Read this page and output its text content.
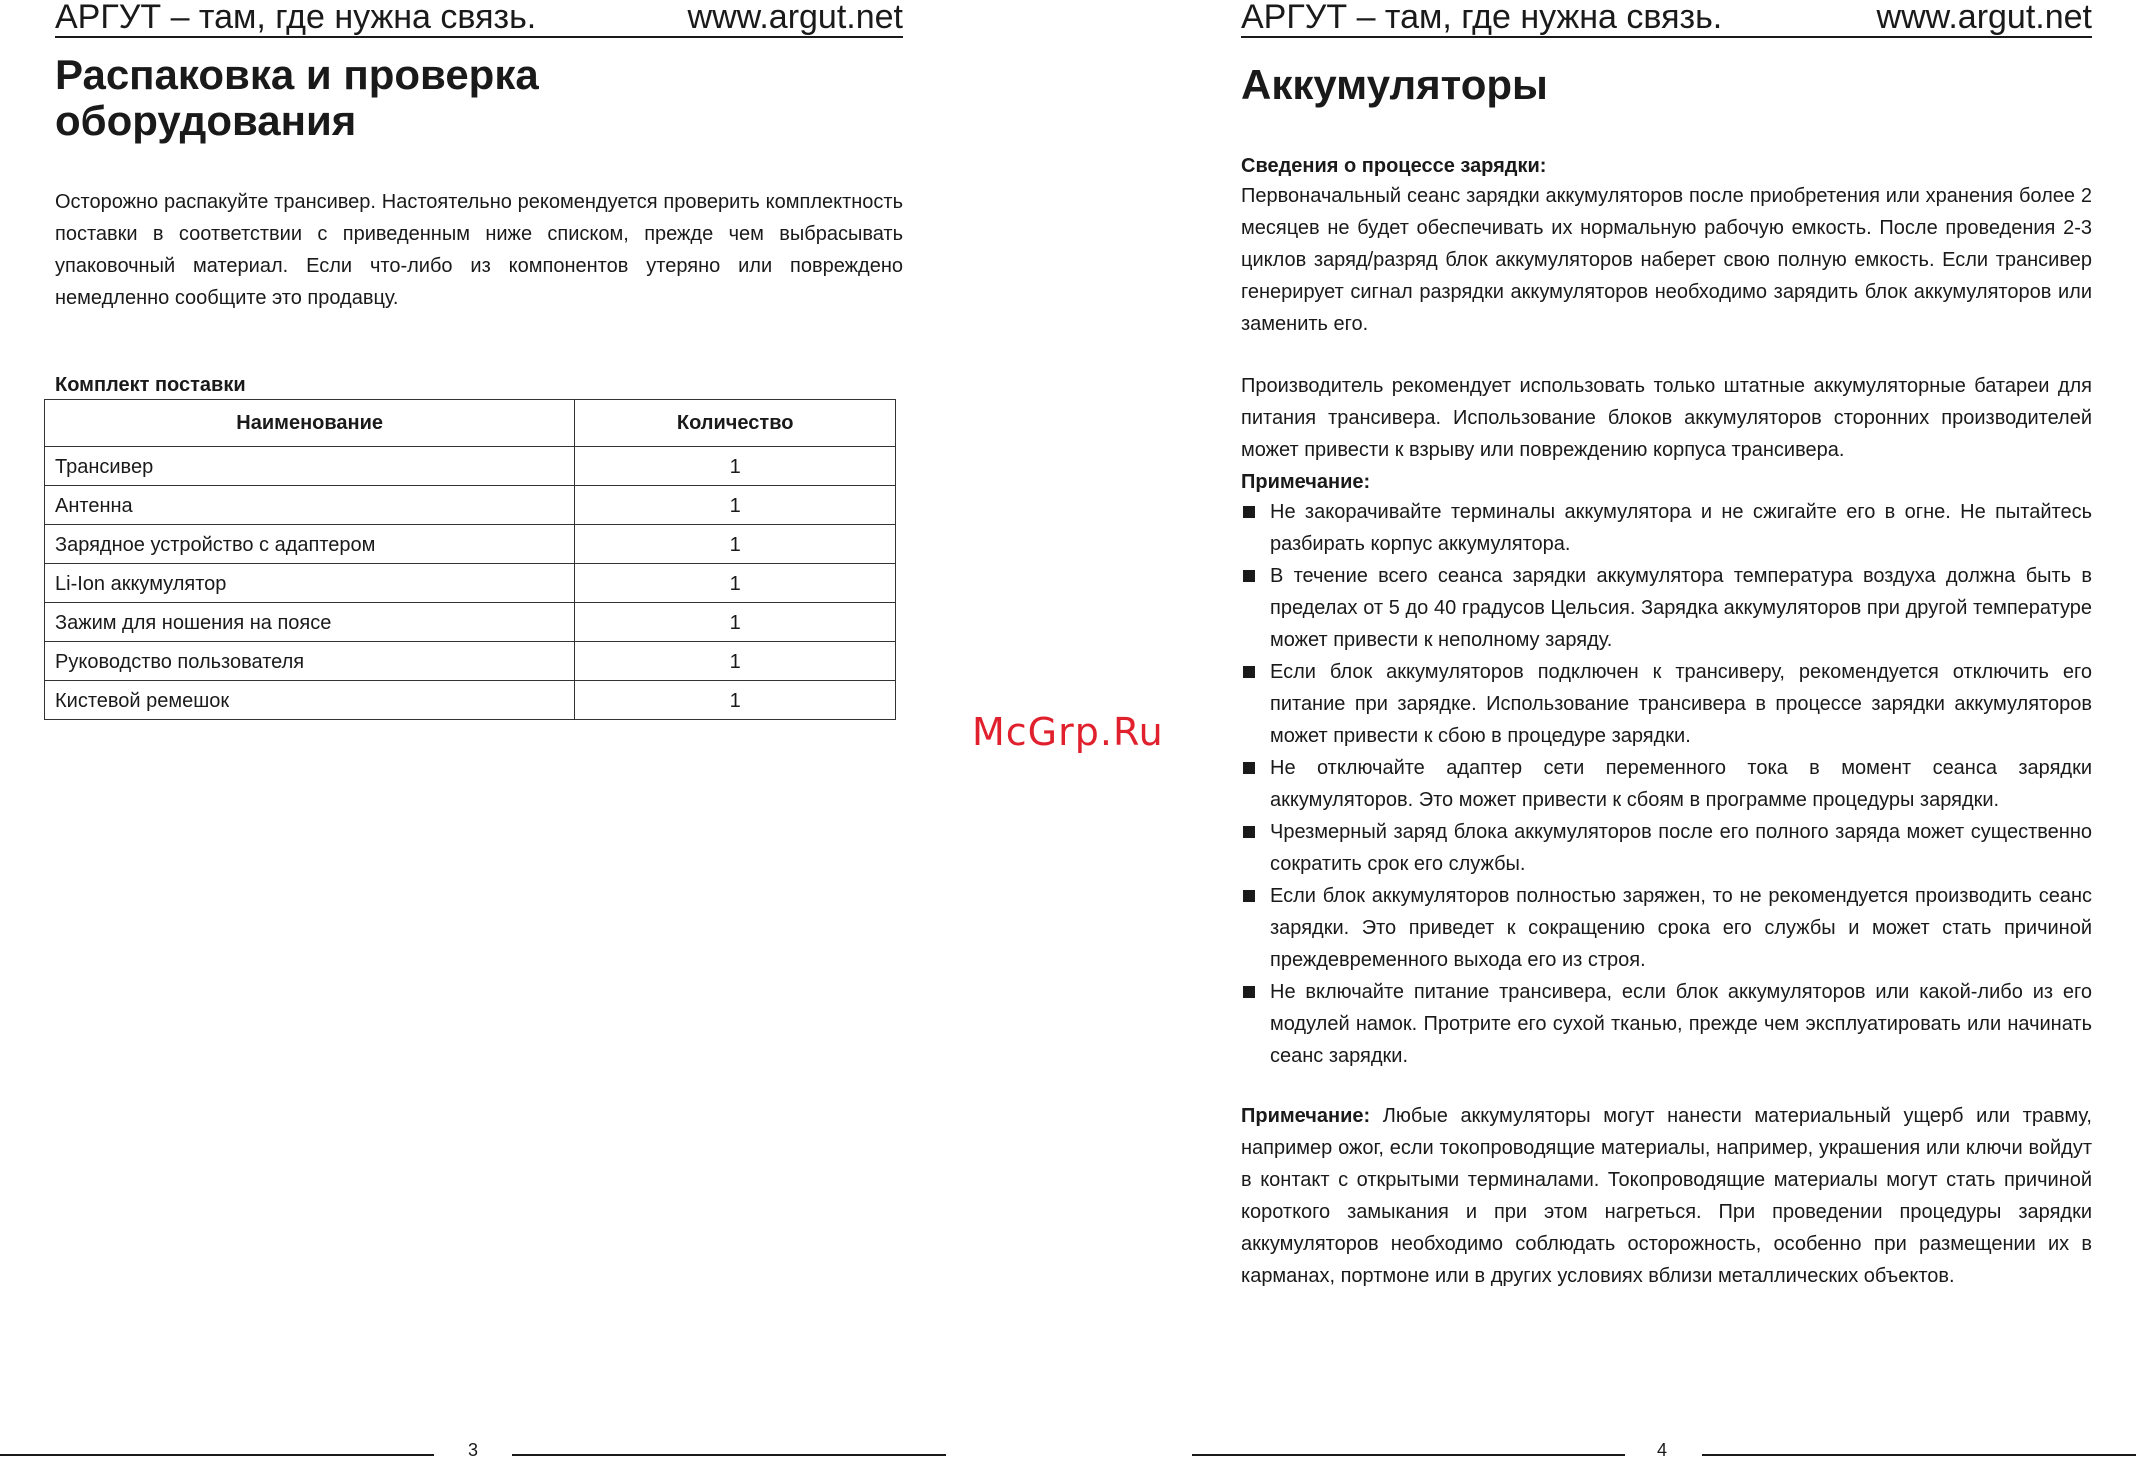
АРГУТ – там, где нужна связь.	www.argut.net
Распаковка и проверка оборудования

Осторожно распакуйте трансивер. Настоятельно рекомендуется проверить комплектность поставки в соответствии с приведенным ниже списком, прежде чем выбрасывать упаковочный материал. Если что-либо из компонентов утеряно или повреждено немедленно сообщите это продавцу.

Комплект поставки
Наименование	Количество
Трансивер	1
Антенна	1
Зарядное устройство с адаптером	1
Li-Ion аккумулятор	1
Зажим для ношения на поясе	1
Руководство пользователя	1
Кистевой ремешок	1
3
McGrp.Ru
АРГУТ – там, где нужна связь.	www.argut.net
Аккумуляторы
Сведения о процессе зарядки:

Первоначальный сеанс зарядки аккумуляторов после приобретения или хранения более 2 месяцев не будет обеспечивать их нормальную рабочую емкость. После проведения 2-3 циклов заряд/разряд блок аккумуляторов наберет свою полную емкость. Если трансивер генерирует сигнал разрядки аккумуляторов необходимо зарядить блок аккумуляторов или заменить его.

Производитель рекомендует использовать только штатные аккумуляторные батареи для питания трансивера. Использование блоков аккумуляторов сторонних производителей может привести к взрыву или повреждению корпуса трансивера.

Примечание:
Не закорачивайте терминалы аккумулятора и не сжигайте его в огне. Не пытайтесь разбирать корпус аккумулятора.
В течение всего сеанса зарядки аккумулятора температура воздуха должна быть в пределах от 5 до 40 градусов Цельсия. Зарядка аккумуляторов при другой температуре может привести к неполному заряду.
Если блок аккумуляторов подключен к трансиверу, рекомендуется отключить его питание при зарядке. Использование трансивера в процессе зарядки аккумуляторов может привести к сбою в процедуре зарядки.
Не отключайте адаптер сети переменного тока в момент сеанса зарядки аккумуляторов. Это может привести к сбоям в программе процедуры зарядки.
Чрезмерный заряд блока аккумуляторов после его полного заряда может существенно сократить срок его службы.
Если блок аккумуляторов полностью заряжен, то не рекомендуется производить сеанс зарядки. Это приведет к сокращению срока его службы и может стать причиной преждевременного выхода его из строя.
Не включайте питание трансивера, если блок аккумуляторов или какой-либо из его модулей намок. Протрите его сухой тканью, прежде чем эксплуатировать или начинать сеанс зарядки.

Примечание: Любые аккумуляторы могут нанести материальный ущерб или травму, например ожог, если токопроводящие материалы, например, украшения или ключи войдут в контакт с открытыми терминалами. Токопроводящие материалы могут стать причиной короткого замыкания и при этом нагреться. При проведении процедуры зарядки аккумуляторов необходимо соблюдать осторожность, особенно при размещении их в карманах, портмоне или в других условиях вблизи металлических объектов.

4
